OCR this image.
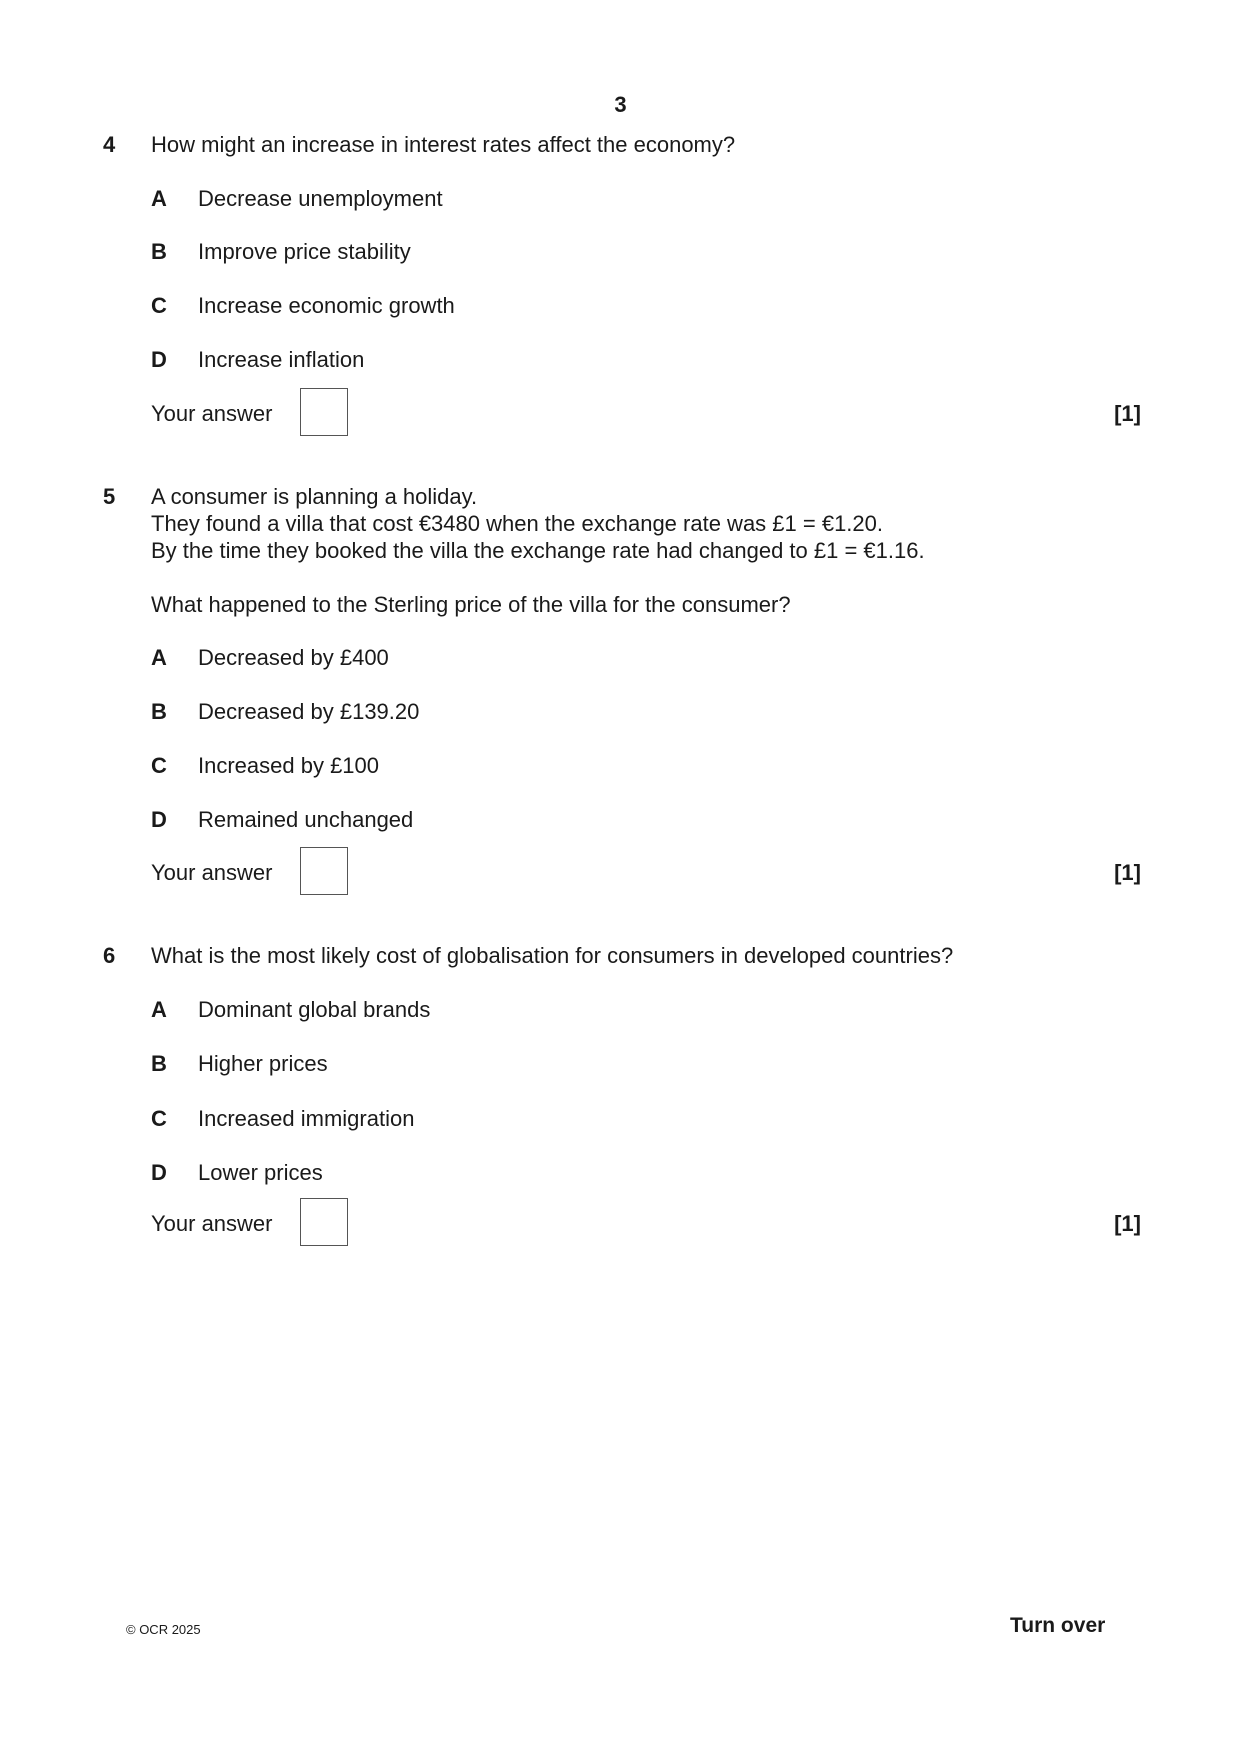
3
4 How might an increase in interest rates affect the economy?
A Decrease unemployment
B Improve price stability
C Increase economic growth
D Increase inflation
Your answer	[1]
5 A consumer is planning a holiday.
They found a villa that cost €3480 when the exchange rate was £1 = €1.20.
By the time they booked the villa the exchange rate had changed to £1 = €1.16.
What happened to the Sterling price of the villa for the consumer?
A Decreased by £400
B Decreased by £139.20
C Increased by £100
D Remained unchanged
Your answer	[1]
6 What is the most likely cost of globalisation for consumers in developed countries?
A Dominant global brands
B Higher prices
C Increased immigration
D Lower prices
Your answer	[1]
© OCR 2025	Turn over
